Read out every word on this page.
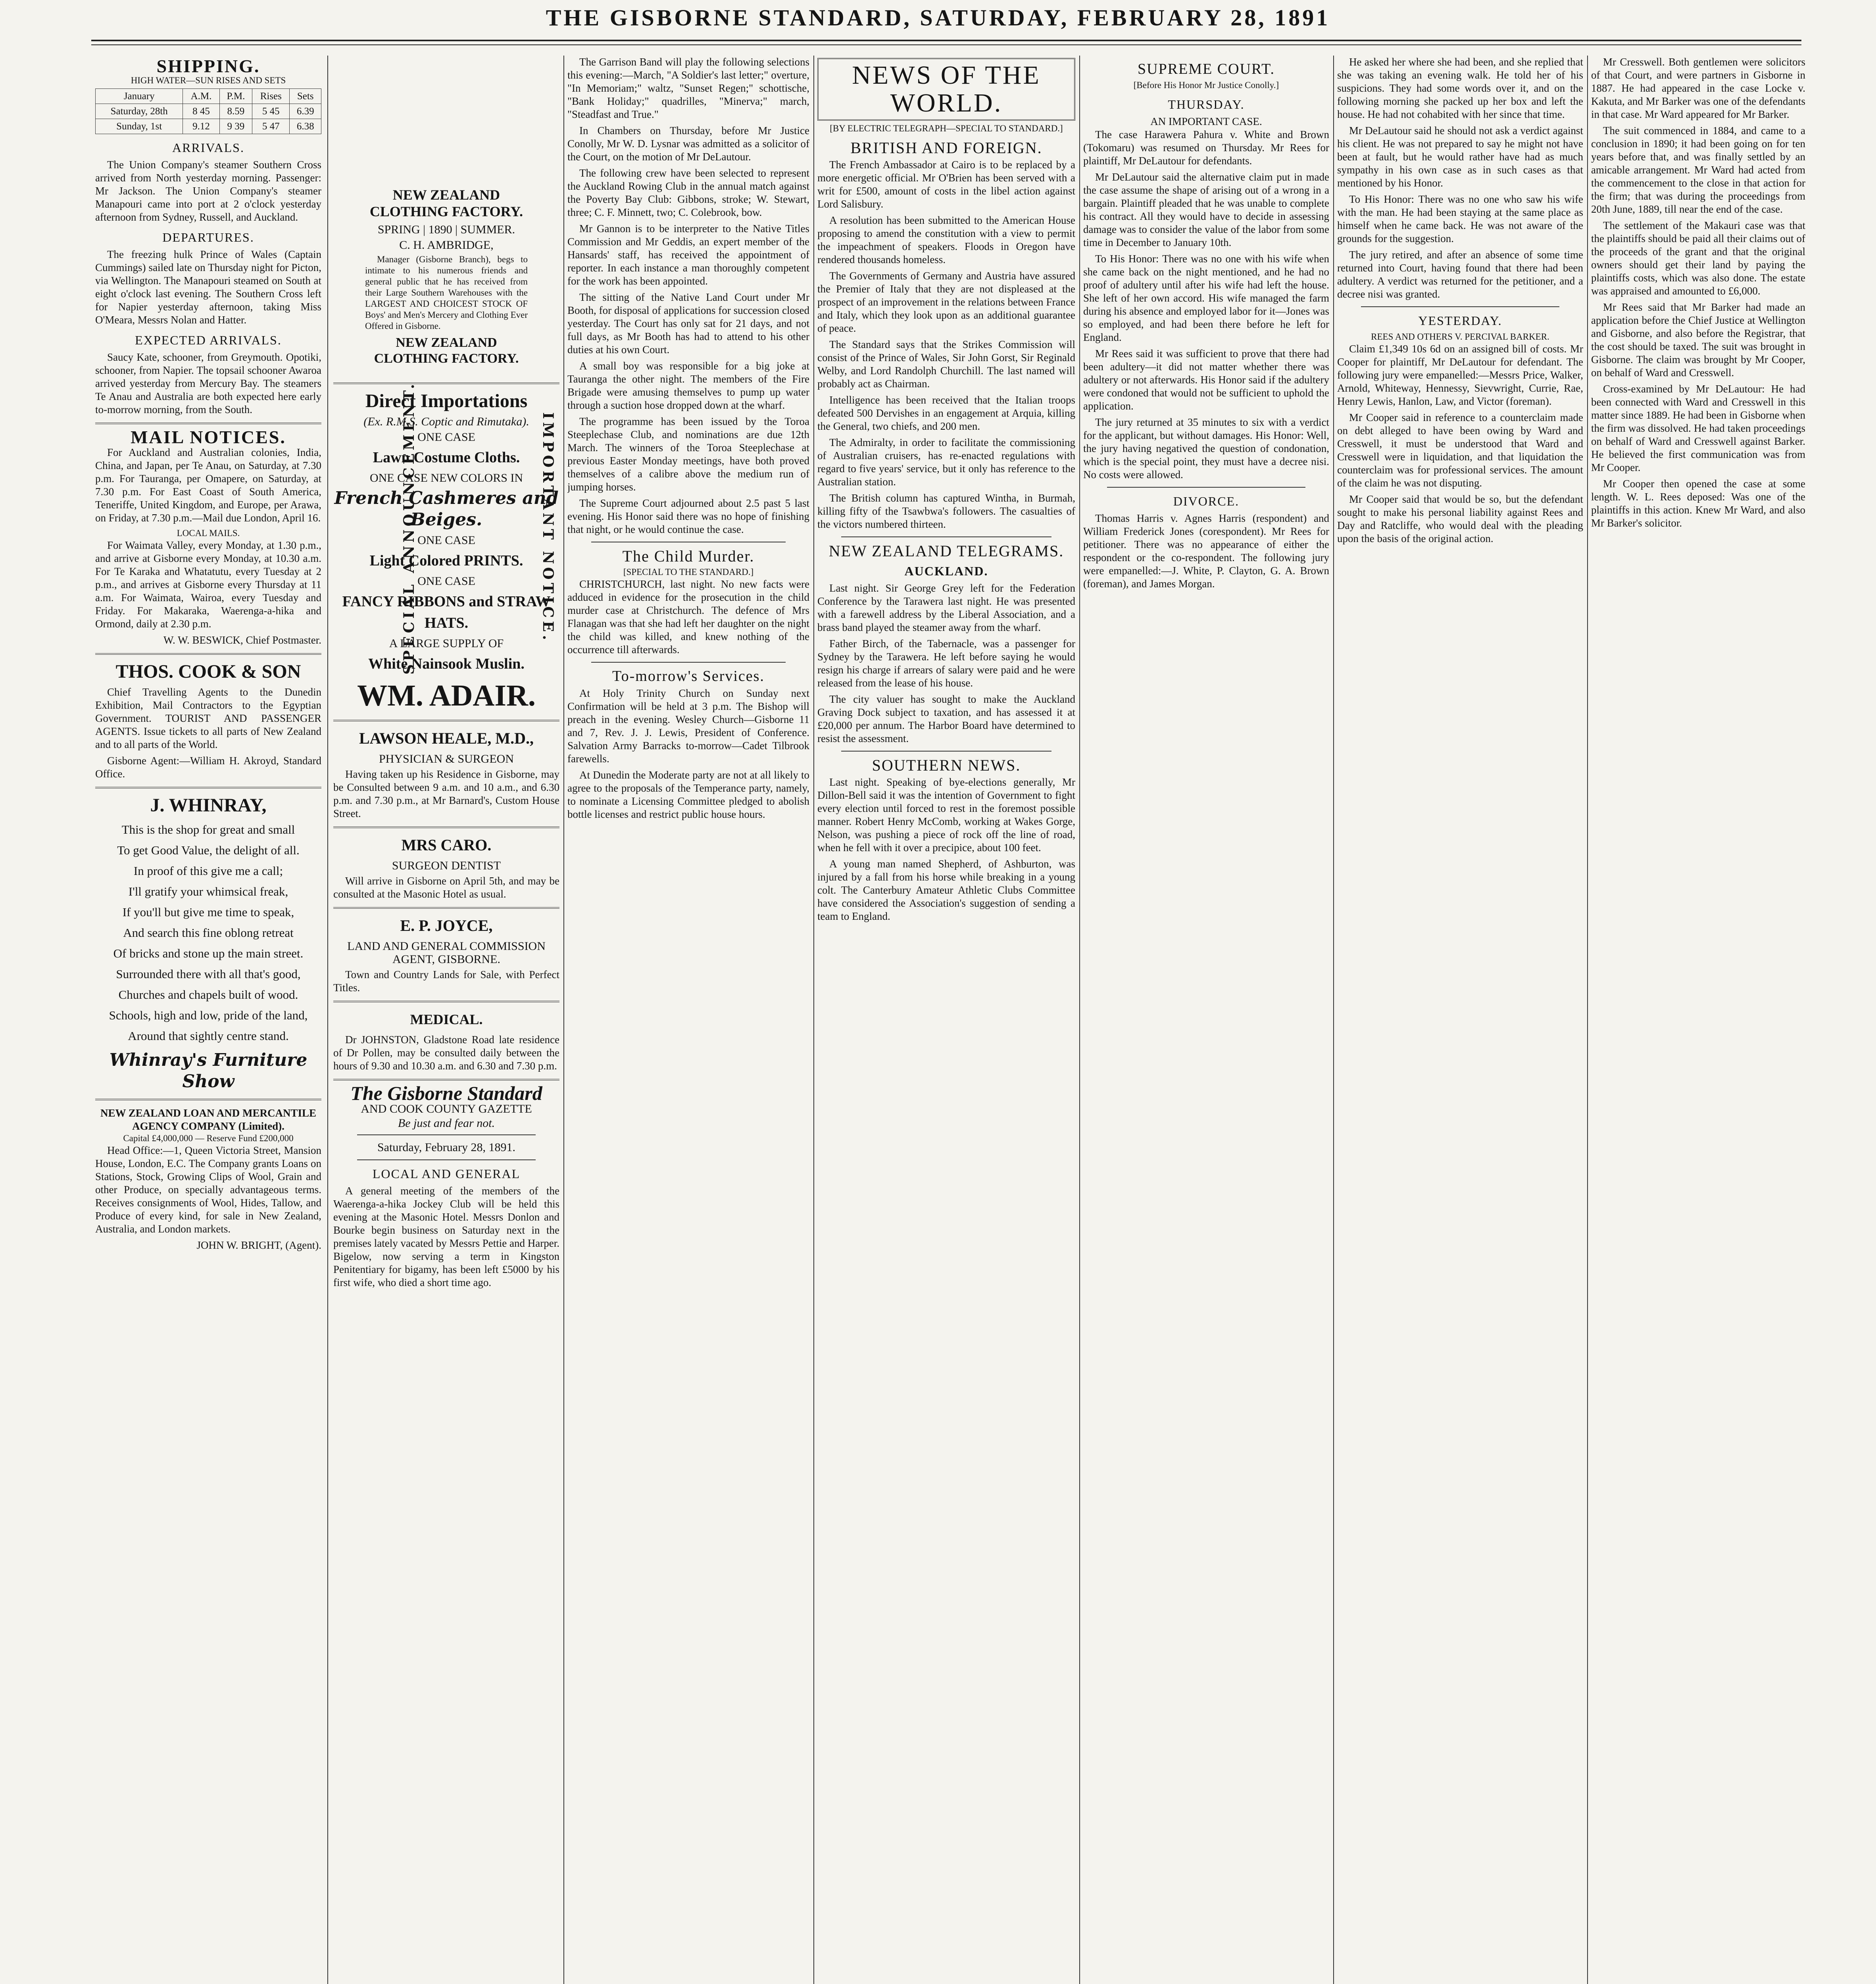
THE GISBORNE STANDARD, SATURDAY, FEBRUARY 28, 1891
SHIPPING.
HIGH WATER—SUN RISES AND SETS
January	A.M.	P.M.	Rises	Sets
Saturday, 28th	8 45	8.59	5 45	6.39
Sunday, 1st	9.12	9 39	5 47	6.38
ARRIVALS.

The Union Company's steamer Southern Cross arrived from North yesterday morning. Passenger: Mr Jackson. The Union Company's steamer Manapouri came into port at 2 o'clock yesterday afternoon from Sydney, Russell, and Auckland.

DEPARTURES.

The freezing hulk Prince of Wales (Captain Cummings) sailed late on Thursday night for Picton, via Wellington. The Manapouri steamed on South at eight o'clock last evening. The Southern Cross left for Napier yesterday afternoon, taking Miss O'Meara, Messrs Nolan and Hatter.

EXPECTED ARRIVALS.

Saucy Kate, schooner, from Greymouth. Opotiki, schooner, from Napier. The topsail schooner Awaroa arrived yesterday from Mercury Bay. The steamers Te Anau and Australia are both expected here early to-morrow morning, from the South.

MAIL NOTICES.

For Auckland and Australian colonies, India, China, and Japan, per Te Anau, on Saturday, at 7.30 p.m. For Tauranga, per Omapere, on Saturday, at 7.30 p.m. For East Coast of South America, Teneriffe, United Kingdom, and Europe, per Arawa, on Friday, at 7.30 p.m.—Mail due London, April 16.

LOCAL MAILS.

For Waimata Valley, every Monday, at 1.30 p.m., and arrive at Gisborne every Monday, at 10.30 a.m. For Te Karaka and Whatatutu, every Tuesday at 2 p.m., and arrives at Gisborne every Thursday at 11 a.m. For Waimata, Wairoa, every Tuesday and Friday. For Makaraka, Waerenga-a-hika and Ormond, daily at 2.30 p.m.

W. W. BESWICK, Chief Postmaster.
THOS. COOK & SON

Chief Travelling Agents to the Dunedin Exhibition, Mail Contractors to the Egyptian Government. TOURIST AND PASSENGER AGENTS. Issue tickets to all parts of New Zealand and to all parts of the World.

Gisborne Agent:—William H. Akroyd, Standard Office.

J. WHINRAY,
This is the shop for great and small
To get Good Value, the delight of all.
In proof of this give me a call;
I'll gratify your whimsical freak,
If you'll but give me time to speak,
And search this fine oblong retreat
Of bricks and stone up the main street.
Surrounded there with all that's good,
Churches and chapels built of wood.
Schools, high and low, pride of the land,
Around that sightly centre stand.
Whinray's Furniture Show
NEW ZEALAND LOAN AND MERCANTILE AGENCY COMPANY (Limited).
Capital £4,000,000 — Reserve Fund £200,000

Head Office:—1, Queen Victoria Street, Mansion House, London, E.C. The Company grants Loans on Stations, Stock, Growing Clips of Wool, Grain and other Produce, on specially advantageous terms. Receives consignments of Wool, Hides, Tallow, and Produce of every kind, for sale in New Zealand, Australia, and London markets.

JOHN W. BRIGHT, (Agent).
SPECIAL ANNOUNCEMENT.	IMPORTANT NOTICE.
NEW ZEALAND CLOTHING FACTORY.
SPRING | 1890 | SUMMER.
C. H. AMBRIDGE,

Manager (Gisborne Branch), begs to intimate to his numerous friends and general public that he has received from their Large Southern Warehouses with the LARGEST AND CHOICEST STOCK OF Boys' and Men's Mercery and Clothing Ever Offered in Gisborne.

NEW ZEALAND CLOTHING FACTORY.
Direct Importations
(Ex. R.M.S. Coptic and Rimutaka).
ONE CASE
Lawn Costume Cloths.
ONE CASE NEW COLORS IN
French Cashmeres and Beiges.
ONE CASE
Light Colored PRINTS.
ONE CASE
FANCY RIBBONS and STRAW HATS.
A LARGE SUPPLY OF
White Nainsook Muslin.
WM. ADAIR.
LAWSON HEALE, M.D.,
PHYSICIAN & SURGEON

Having taken up his Residence in Gisborne, may be Consulted between 9 a.m. and 10 a.m., and 6.30 p.m. and 7.30 p.m., at Mr Barnard's, Custom House Street.

MRS CARO.
SURGEON DENTIST

Will arrive in Gisborne on April 5th, and may be consulted at the Masonic Hotel as usual.

E. P. JOYCE,
LAND AND GENERAL COMMISSION AGENT, GISBORNE.

Town and Country Lands for Sale, with Perfect Titles.

MEDICAL.

Dr JOHNSTON, Gladstone Road late residence of Dr Pollen, may be consulted daily between the hours of 9.30 and 10.30 a.m. and 6.30 and 7.30 p.m.

The Gisborne Standard
AND COOK COUNTY GAZETTE
Be just and fear not.
Saturday, February 28, 1891.
LOCAL AND GENERAL

A general meeting of the members of the Waerenga-a-hika Jockey Club will be held this evening at the Masonic Hotel. Messrs Donlon and Bourke begin business on Saturday next in the premises lately vacated by Messrs Pettie and Harper. Bigelow, now serving a term in Kingston Penitentiary for bigamy, has been left £5000 by his first wife, who died a short time ago.

The Garrison Band will play the following selections this evening:—March, "A Soldier's last letter;" overture, "In Memoriam;" waltz, "Sunset Regen;" schottische, "Bank Holiday;" quadrilles, "Minerva;" march, "Steadfast and True."

In Chambers on Thursday, before Mr Justice Conolly, Mr W. D. Lysnar was admitted as a solicitor of the Court, on the motion of Mr DeLautour.

The following crew have been selected to represent the Auckland Rowing Club in the annual match against the Poverty Bay Club: Gibbons, stroke; W. Stewart, three; C. F. Minnett, two; C. Colebrook, bow.

Mr Gannon is to be interpreter to the Native Titles Commission and Mr Geddis, an expert member of the Hansards' staff, has received the appointment of reporter. In each instance a man thoroughly competent for the work has been appointed.

The sitting of the Native Land Court under Mr Booth, for disposal of applications for succession closed yesterday. The Court has only sat for 21 days, and not full days, as Mr Booth has had to attend to his other duties at his own Court.

A small boy was responsible for a big joke at Tauranga the other night. The members of the Fire Brigade were amusing themselves to pump up water through a suction hose dropped down at the wharf.

The programme has been issued by the Toroa Steeplechase Club, and nominations are due 12th March. The winners of the Toroa Steeplechase at previous Easter Monday meetings, have both proved themselves of a calibre above the medium run of jumping horses.

The Supreme Court adjourned about 2.5 past 5 last evening. His Honor said there was no hope of finishing that night, or he would continue the case.

The Child Murder.
[SPECIAL TO THE STANDARD.]

CHRISTCHURCH, last night. No new facts were adduced in evidence for the prosecution in the child murder case at Christchurch. The defence of Mrs Flanagan was that she had left her daughter on the night the child was killed, and knew nothing of the occurrence till afterwards.

To-morrow's Services.

At Holy Trinity Church on Sunday next Confirmation will be held at 3 p.m. The Bishop will preach in the evening. Wesley Church—Gisborne 11 and 7, Rev. J. J. Lewis, President of Conference. Salvation Army Barracks to-morrow—Cadet Tilbrook farewells.

At Dunedin the Moderate party are not at all likely to agree to the proposals of the Temperance party, namely, to nominate a Licensing Committee pledged to abolish bottle licenses and restrict public house hours.

NEWS OF THE WORLD.
[BY ELECTRIC TELEGRAPH—SPECIAL TO STANDARD.]
BRITISH AND FOREIGN.

The French Ambassador at Cairo is to be replaced by a more energetic official. Mr O'Brien has been served with a writ for £500, amount of costs in the libel action against Lord Salisbury.

A resolution has been submitted to the American House proposing to amend the constitution with a view to permit the impeachment of speakers. Floods in Oregon have rendered thousands homeless.

The Governments of Germany and Austria have assured the Premier of Italy that they are not displeased at the prospect of an improvement in the relations between France and Italy, which they look upon as an additional guarantee of peace.

The Standard says that the Strikes Commission will consist of the Prince of Wales, Sir John Gorst, Sir Reginald Welby, and Lord Randolph Churchill. The last named will probably act as Chairman.

Intelligence has been received that the Italian troops defeated 500 Dervishes in an engagement at Arquia, killing the General, two chiefs, and 200 men.

The Admiralty, in order to facilitate the commissioning of Australian cruisers, has re-enacted regulations with regard to five years' service, but it only has reference to the Australian station.

The British column has captured Wintha, in Burmah, killing fifty of the Tsawbwa's followers. The casualties of the victors numbered thirteen.

NEW ZEALAND TELEGRAMS.
AUCKLAND.

Last night. Sir George Grey left for the Federation Conference by the Tarawera last night. He was presented with a farewell address by the Liberal Association, and a brass band played the steamer away from the wharf.

Father Birch, of the Tabernacle, was a passenger for Sydney by the Tarawera. He left before saying he would resign his charge if arrears of salary were paid and he were released from the lease of his house.

The city valuer has sought to make the Auckland Graving Dock subject to taxation, and has assessed it at £20,000 per annum. The Harbor Board have determined to resist the assessment.

SOUTHERN NEWS.

Last night. Speaking of bye-elections generally, Mr Dillon-Bell said it was the intention of Government to fight every election until forced to rest in the foremost possible manner. Robert Henry McComb, working at Wakes Gorge, Nelson, was pushing a piece of rock off the line of road, when he fell with it over a precipice, about 100 feet.

A young man named Shepherd, of Ashburton, was injured by a fall from his horse while breaking in a young colt. The Canterbury Amateur Athletic Clubs Committee have considered the Association's suggestion of sending a team to England.

SUPREME COURT.
[Before His Honor Mr Justice Conolly.]
THURSDAY.
AN IMPORTANT CASE.

The case Harawera Pahura v. White and Brown (Tokomaru) was resumed on Thursday. Mr Rees for plaintiff, Mr DeLautour for defendants.

Mr DeLautour said the alternative claim put in made the case assume the shape of arising out of a wrong in a bargain. Plaintiff pleaded that he was unable to complete his contract. All they would have to decide in assessing damage was to consider the value of the labor from some time in December to January 10th.

To His Honor: There was no one with his wife when she came back on the night mentioned, and he had no proof of adultery until after his wife had left the house. She left of her own accord. His wife managed the farm during his absence and employed labor for it—Jones was so employed, and had been there before he left for England.

Mr Rees said it was sufficient to prove that there had been adultery—it did not matter whether there was adultery or not afterwards. His Honor said if the adultery were condoned that would not be sufficient to uphold the application.

The jury returned at 35 minutes to six with a verdict for the applicant, but without damages. His Honor: Well, the jury having negatived the question of condonation, which is the special point, they must have a decree nisi. No costs were allowed.

DIVORCE.

Thomas Harris v. Agnes Harris (respondent) and William Frederick Jones (corespondent). Mr Rees for petitioner. There was no appearance of either the respondent or the co-respondent. The following jury were empanelled:—J. White, P. Clayton, G. A. Brown (foreman), and James Morgan.

He asked her where she had been, and she replied that she was taking an evening walk. He told her of his suspicions. They had some words over it, and on the following morning she packed up her box and left the house. He had not cohabited with her since that time.

Mr DeLautour said he should not ask a verdict against his client. He was not prepared to say he might not have been at fault, but he would rather have had as much sympathy in his own case as in such cases as that mentioned by his Honor.

To His Honor: There was no one who saw his wife with the man. He had been staying at the same place as himself when he came back. He was not aware of the grounds for the suggestion.

The jury retired, and after an absence of some time returned into Court, having found that there had been adultery. A verdict was returned for the petitioner, and a decree nisi was granted.

YESTERDAY.
REES AND OTHERS V. PERCIVAL BARKER.

Claim £1,349 10s 6d on an assigned bill of costs. Mr Cooper for plaintiff, Mr DeLautour for defendant. The following jury were empanelled:—Messrs Price, Walker, Arnold, Whiteway, Hennessy, Sievwright, Currie, Rae, Henry Lewis, Hanlon, Law, and Victor (foreman).

Mr Cooper said in reference to a counterclaim made on debt alleged to have been owing by Ward and Cresswell, it must be understood that Ward and Cresswell were in liquidation, and that liquidation the counterclaim was for professional services. The amount of the claim he was not disputing.

Mr Cooper said that would be so, but the defendant sought to make his personal liability against Rees and Day and Ratcliffe, who would deal with the pleading upon the basis of the original action.

Mr Cresswell. Both gentlemen were solicitors of that Court, and were partners in Gisborne in 1887. He had appeared in the case Locke v. Kakuta, and Mr Barker was one of the defendants in that case. Mr Ward appeared for Mr Barker.

The suit commenced in 1884, and came to a conclusion in 1890; it had been going on for ten years before that, and was finally settled by an amicable arrangement. Mr Ward had acted from the commencement to the close in that action for the firm; that was during the proceedings from 20th June, 1889, till near the end of the case.

The settlement of the Makauri case was that the plaintiffs should be paid all their claims out of the proceeds of the grant and that the original owners should get their land by paying the plaintiffs costs, which was also done. The estate was appraised and amounted to £6,000.

Mr Rees said that Mr Barker had made an application before the Chief Justice at Wellington and Gisborne, and also before the Registrar, that the cost should be taxed. The suit was brought in Gisborne. The claim was brought by Mr Cooper, on behalf of Ward and Cresswell.

Cross-examined by Mr DeLautour: He had been connected with Ward and Cresswell in this matter since 1889. He had been in Gisborne when the firm was dissolved. He had taken proceedings on behalf of Ward and Cresswell against Barker. He believed the first communication was from Mr Cooper.

Mr Cooper then opened the case at some length. W. L. Rees deposed: Was one of the plaintiffs in this action. Knew Mr Ward, and also Mr Barker's solicitor.
